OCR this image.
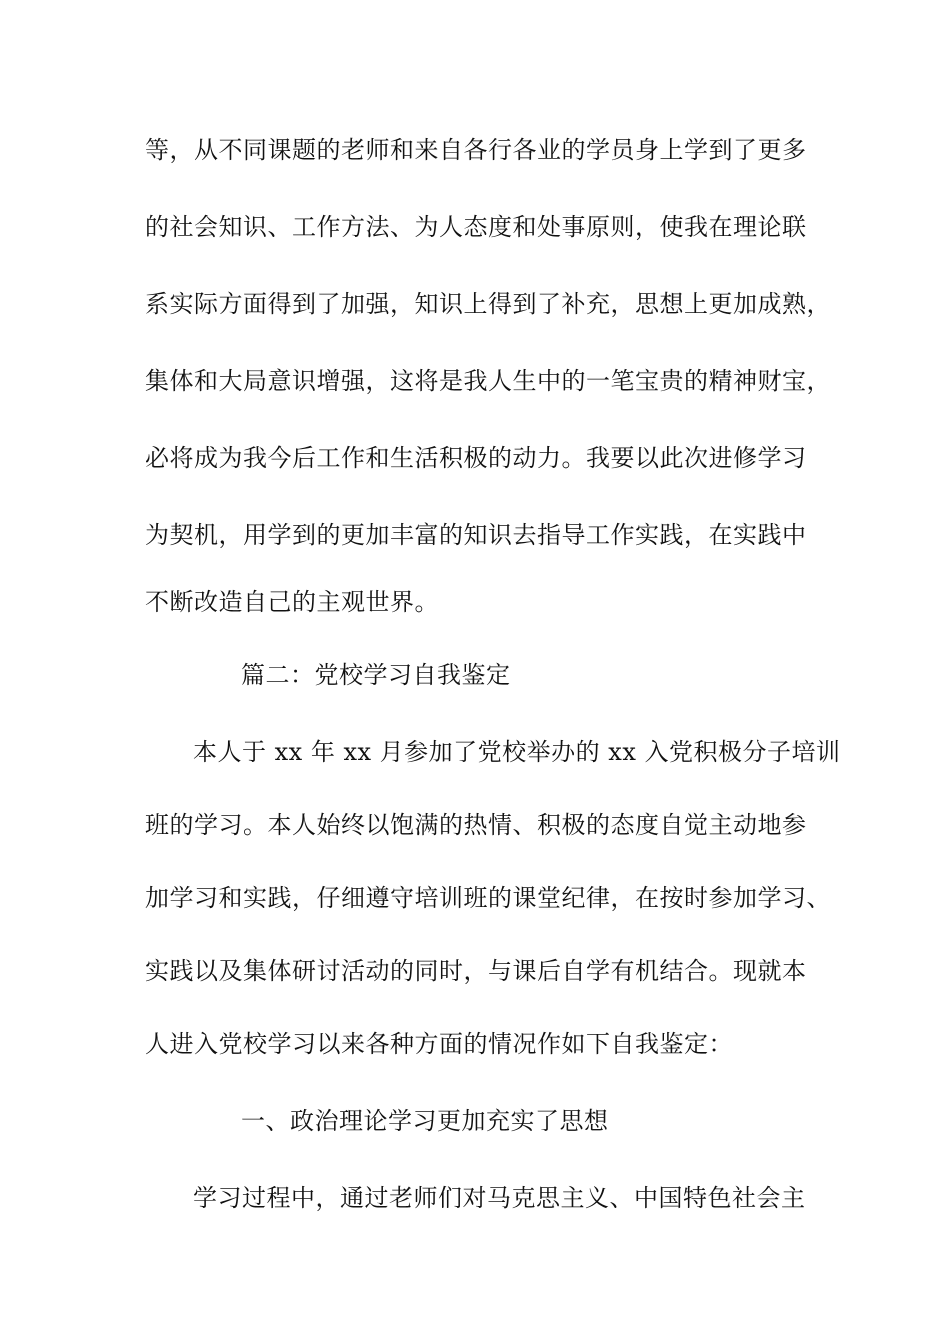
等，从不同课题的老师和来自各行各业的学员身上学到了更多
的社会知识、工作方法、为人态度和处事原则，使我在理论联
系实际方面得到了加强，知识上得到了补充，思想上更加成熟，
集体和大局意识增强，这将是我人生中的一笔宝贵的精神财宝，
必将成为我今后工作和生活积极的动力。我要以此次进修学习
为契机，用学到的更加丰富的知识去指导工作实践，在实践中
不断改造自己的主观世界。
篇二：党校学习自我鉴定
本人于 xx 年 xx 月参加了党校举办的 xx 入党积极分子培训
班的学习。本人始终以饱满的热情、积极的态度自觉主动地参
加学习和实践，仔细遵守培训班的课堂纪律，在按时参加学习、
实践以及集体研讨活动的同时，与课后自学有机结合。现就本
人进入党校学习以来各种方面的情况作如下自我鉴定：
一、政治理论学习更加充实了思想
学习过程中，通过老师们对马克思主义、中国特色社会主
